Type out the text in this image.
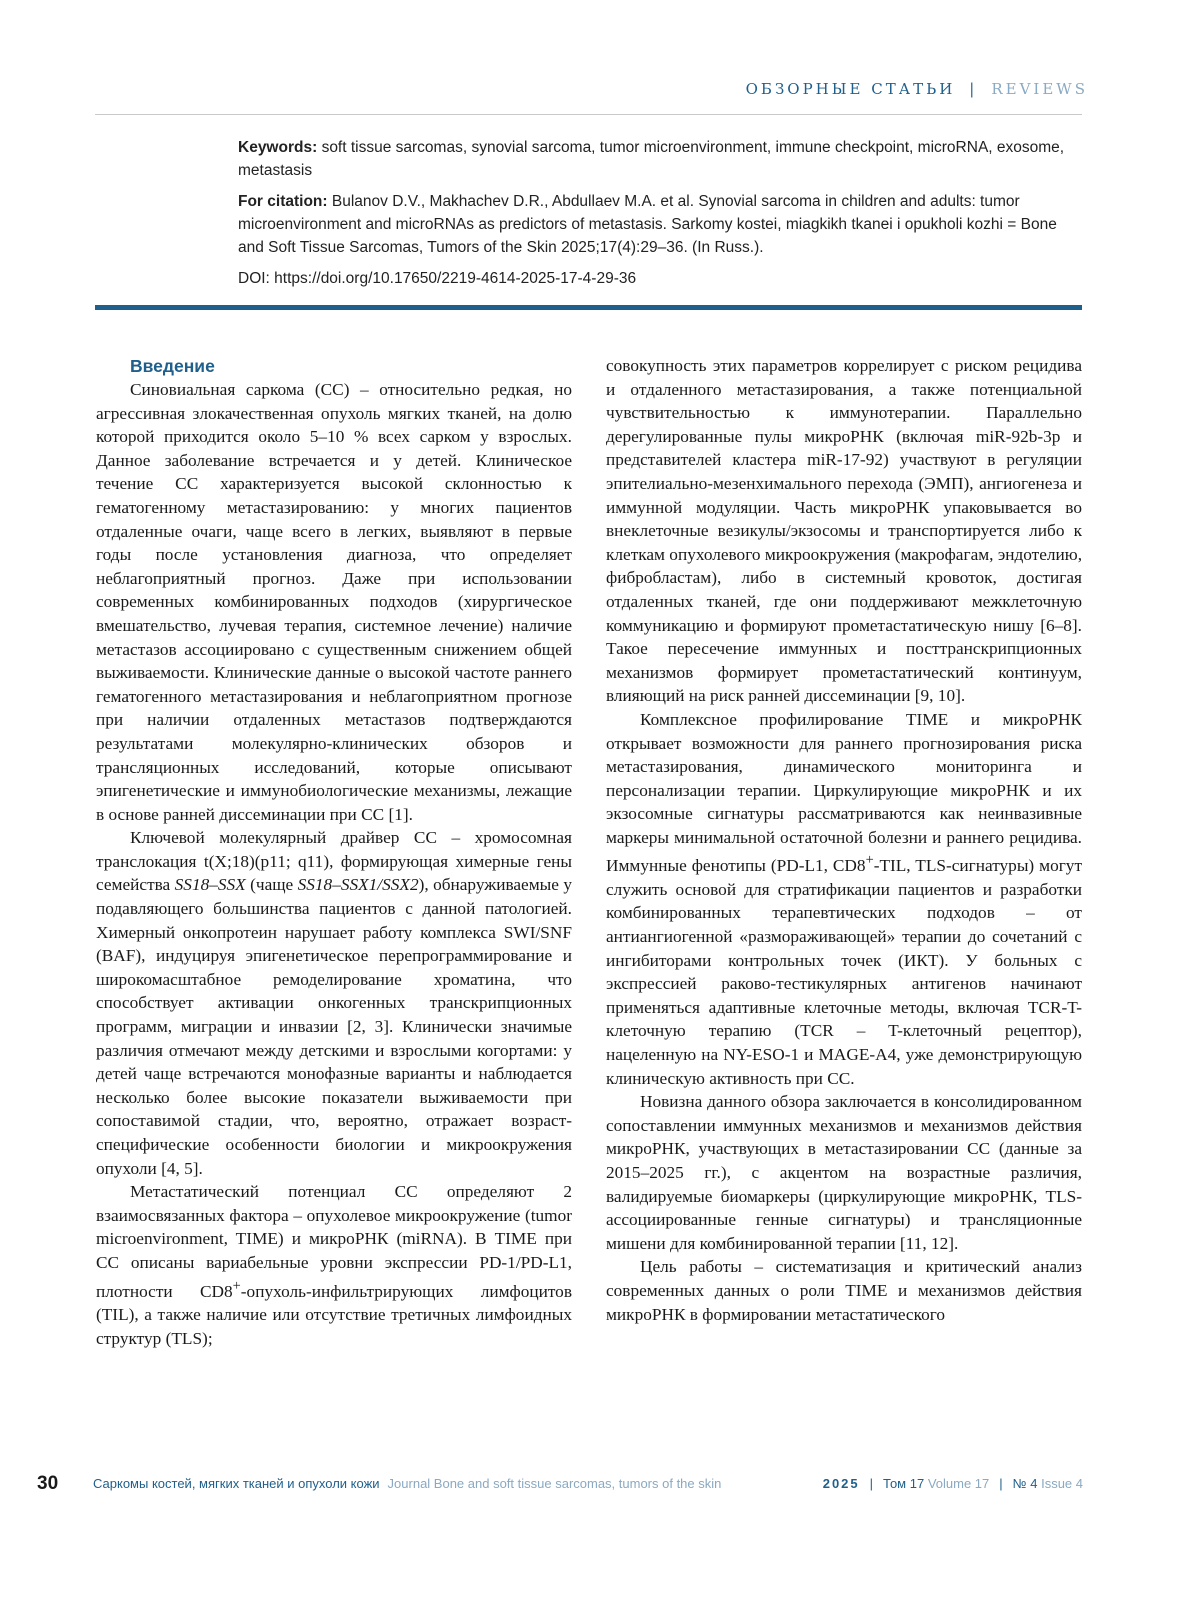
ОБЗОРНЫЕ СТАТЬИ | REVIEWS

Keywords: soft tissue sarcomas, synovial sarcoma, tumor microenvironment, immune checkpoint, microRNA, exosome, metastasis

For citation: Bulanov D.V., Makhachev D.R., Abdullaev M.A. et al. Synovial sarcoma in children and adults: tumor microenvironment and microRNAs as predictors of metastasis. Sarkomy kostei, miagkikh tkanei i opukholi kozhi = Bone and Soft Tissue Sarcomas, Tumors of the Skin 2025;17(4):29–36. (In Russ.).

DOI: https://doi.org/10.17650/2219-4614-2025-17-4-29-36

Введение

Синовиальная саркома (СС) – относительно редкая, но агрессивная злокачественная опухоль мягких тканей, на долю которой приходится около 5–10 % всех сарком у взрослых. Данное заболевание встречается и у детей. Клиническое течение СС характеризуется высокой склонностью к гематогенному метастазированию: у многих пациентов отдаленные очаги, чаще всего в легких, выявляют в первые годы после установления диагноза, что определяет неблагоприятный прогноз. Даже при использовании современных комбинированных подходов (хирургическое вмешательство, лучевая терапия, системное лечение) наличие метастазов ассоциировано с существенным снижением общей выживаемости. Клинические данные о высокой частоте раннего гематогенного метастазирования и неблагоприятном прогнозе при наличии отдаленных метастазов подтверждаются результатами молекулярно-клинических обзоров и трансляционных исследований, которые описывают эпигенетические и иммунобиологические механизмы, лежащие в основе ранней диссеминации при СС [1].

Ключевой молекулярный драйвер СС – хромосомная транслокация t(X;18)(p11; q11), формирующая химерные гены семейства SS18–SSX (чаще SS18–SSX1/SSX2), обнаруживаемые у подавляющего большинства пациентов с данной патологией. Химерный онкопротеин нарушает работу комплекса SWI/SNF (BAF), индуцируя эпигенетическое перепрограммирование и широкомасштабное ремоделирование хроматина, что способствует активации онкогенных транскрипционных программ, миграции и инвазии [2, 3]. Клинически значимые различия отмечают между детскими и взрослыми когортами: у детей чаще встречаются монофазные варианты и наблюдается несколько более высокие показатели выживаемости при сопоставимой стадии, что, вероятно, отражает возраст-специфические особенности биологии и микроокружения опухоли [4, 5].

Метастатический потенциал СС определяют 2 взаимосвязанных фактора – опухолевое микроокружение (tumor microenvironment, TIME) и микроРНК (miRNA). В TIME при СС описаны вариабельные уровни экспрессии PD-1/PD-L1, плотности CD8+-опухоль-инфильтрирующих лимфоцитов (TIL), а также наличие или отсутствие третичных лимфоидных структур (TLS);

совокупность этих параметров коррелирует с риском рецидива и отдаленного метастазирования, а также потенциальной чувствительностью к иммунотерапии. Параллельно дерегулированные пулы микроРНК (включая miR-92b-3p и представителей кластера miR-17-92) участвуют в регуляции эпителиально-мезенхимального перехода (ЭМП), ангиогенеза и иммунной модуляции. Часть микроРНК упаковывается во внеклеточные везикулы/экзосомы и транспортируется либо к клеткам опухолевого микроокружения (макрофагам, эндотелию, фибробластам), либо в системный кровоток, достигая отдаленных тканей, где они поддерживают межклеточную коммуникацию и формируют прометастатическую нишу [6–8]. Такое пересечение иммунных и посттранскрипционных механизмов формирует прометастатический континуум, влияющий на риск ранней диссеминации [9, 10].

Комплексное профилирование TIME и микроРНК открывает возможности для раннего прогнозирования риска метастазирования, динамического мониторинга и персонализации терапии. Циркулирующие микроРНК и их экзосомные сигнатуры рассматриваются как неинвазивные маркеры минимальной остаточной болезни и раннего рецидива. Иммунные фенотипы (PD-L1, CD8+-TIL, TLS-сигнатуры) могут служить основой для стратификации пациентов и разработки комбинированных терапевтических подходов – от антиангиогенной «размораживающей» терапии до сочетаний с ингибиторами контрольных точек (ИКТ). У больных с экспрессией раково-тестикулярных антигенов начинают применяться адаптивные клеточные методы, включая TCR-T-клеточную терапию (TCR – T-клеточный рецептор), нацеленную на NY-ESO-1 и MAGE-A4, уже демонстрирующую клиническую активность при СС.

Новизна данного обзора заключается в консолидированном сопоставлении иммунных механизмов и механизмов действия микроРНК, участвующих в метастазировании СС (данные за 2015–2025 гг.), с акцентом на возрастные различия, валидируемые биомаркеры (циркулирующие микроРНК, TLS-ассоциированные генные сигнатуры) и трансляционные мишени для комбинированной терапии [11, 12].

Цель работы – систематизация и критический анализ современных данных о роли TIME и механизмов действия микроРНК в формировании метастатического

30	Саркомы костей, мягких тканей и опухоли кожи Journal Bone and soft tissue sarcomas, tumors of the skin	2025 | Том 17 Volume 17 | № 4 Issue 4
